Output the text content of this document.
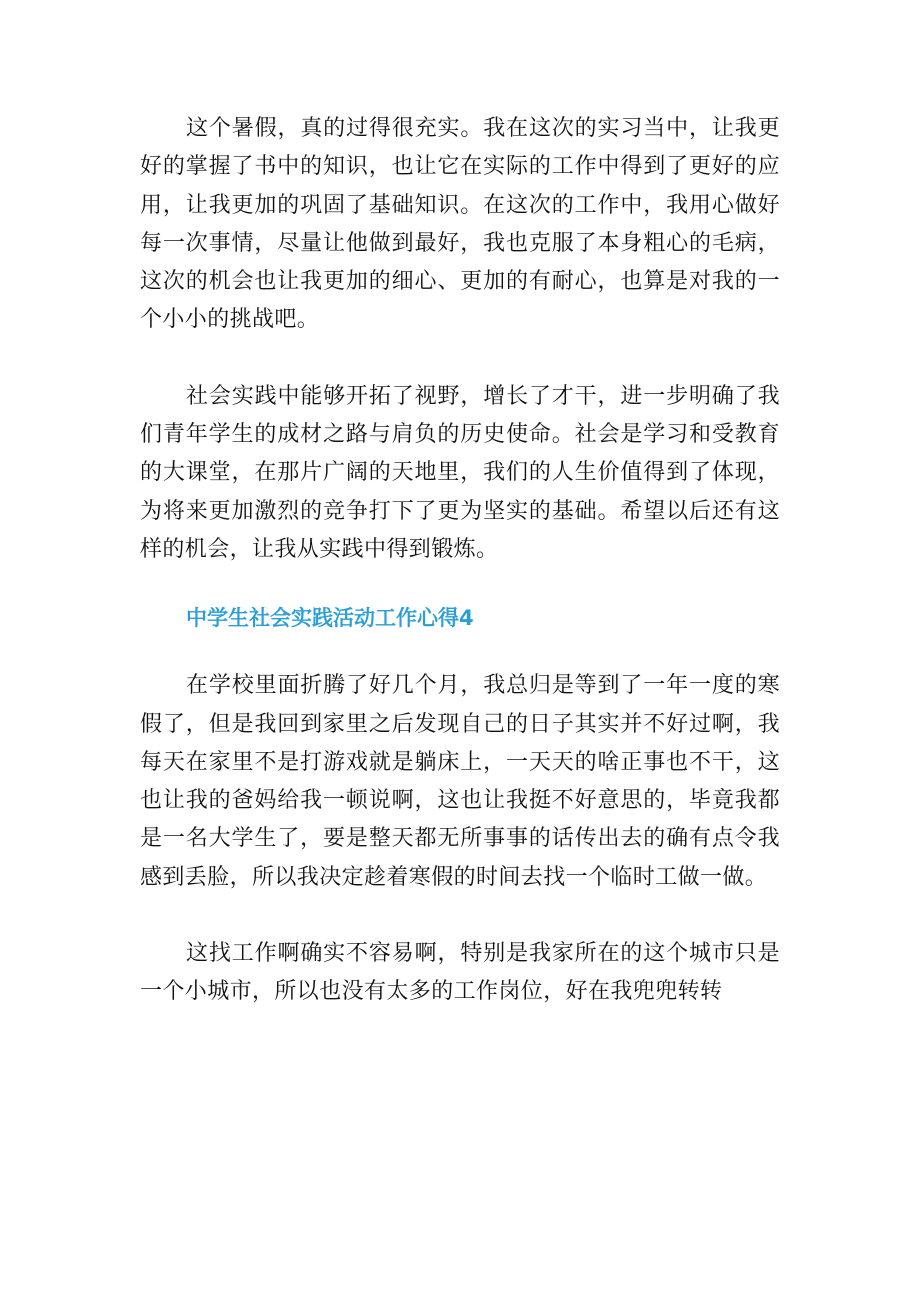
这个暑假，真的过得很充实。我在这次的实习当中，让我更好的掌握了书中的知识，也让它在实际的工作中得到了更好的应用，让我更加的巩固了基础知识。在这次的工作中，我用心做好每一次事情，尽量让他做到最好，我也克服了本身粗心的毛病，这次的机会也让我更加的细心、更加的有耐心，也算是对我的一个小小的挑战吧。

社会实践中能够开拓了视野，增长了才干，进一步明确了我们青年学生的成材之路与肩负的历史使命。社会是学习和受教育的大课堂，在那片广阔的天地里，我们的人生价值得到了体现，为将来更加激烈的竞争打下了更为坚实的基础。希望以后还有这样的机会，让我从实践中得到锻炼。

中学生社会实践活动工作心得4

在学校里面折腾了好几个月，我总归是等到了一年一度的寒假了，但是我回到家里之后发现自己的日子其实并不好过啊，我每天在家里不是打游戏就是躺床上，一天天的啥正事也不干，这也让我的爸妈给我一顿说啊，这也让我挺不好意思的，毕竟我都是一名大学生了，要是整天都无所事事的话传出去的确有点令我感到丢脸，所以我决定趁着寒假的时间去找一个临时工做一做。

这找工作啊确实不容易啊，特别是我家所在的这个城市只是一个小城市，所以也没有太多的工作岗位，好在我兜兜转转
